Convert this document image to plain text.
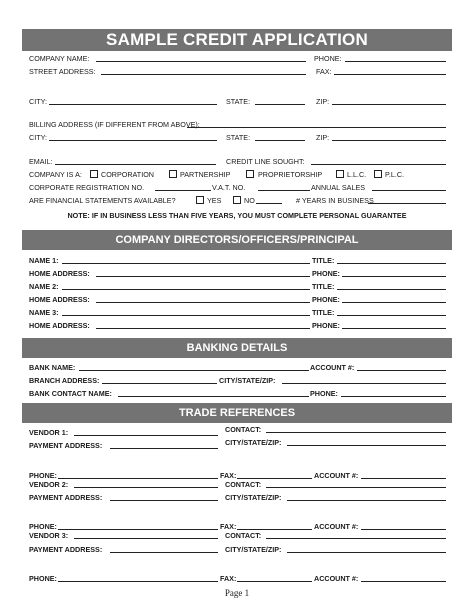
SAMPLE CREDIT APPLICATION
COMPANY NAME:	PHONE:
STREET ADDRESS:	FAX:
CITY:	STATE:	ZIP:
BILLING ADDRESS (IF DIFFERENT FROM ABOVE):
CITY:	STATE:	ZIP:
EMAIL:	CREDIT LINE SOUGHT:
COMPANY IS A:	CORPORATION	PARTNERSHIP	PROPRIETORSHIP	L.L.C.	P.L.C.
CORPORATE REGISTRATION NO.	V.A.T. NO.	ANNUAL SALES
ARE FINANCIAL STATEMENTS AVAILABLE?	YES	NO	# YEARS IN BUSINESS
NOTE: IF IN BUSINESS LESS THAN FIVE YEARS, YOU MUST COMPLETE PERSONAL GUARANTEE
COMPANY DIRECTORS/OFFICERS/PRINCIPAL
NAME 1:	TITLE:
HOME ADDRESS:	PHONE:
NAME 2:	TITLE:
HOME ADDRESS:	PHONE:
NAME 3:	TITLE:
HOME ADDRESS:	PHONE:
BANKING DETAILS
BANK NAME:	ACCOUNT #:
BRANCH ADDRESS:	CITY/STATE/ZIP:
BANK CONTACT NAME:	PHONE:
TRADE REFERENCES
VENDOR 1:	CONTACT:
PAYMENT ADDRESS:	CITY/STATE/ZIP:
PHONE:	FAX:	ACCOUNT #:
VENDOR 2:	CONTACT:
PAYMENT ADDRESS:	CITY/STATE/ZIP:
PHONE:	FAX:	ACCOUNT #:
VENDOR 3:	CONTACT:
PAYMENT ADDRESS:	CITY/STATE/ZIP:
PHONE:	FAX:	ACCOUNT #:
Page 1
